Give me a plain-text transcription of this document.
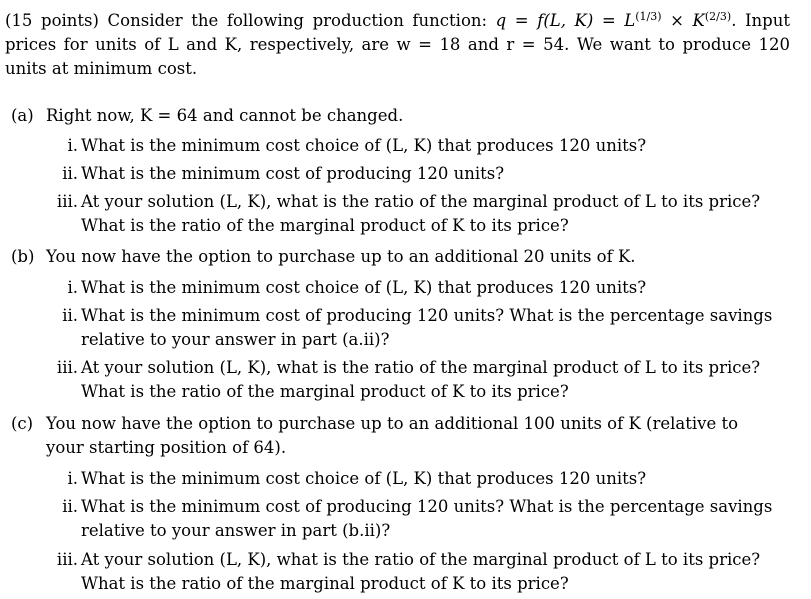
(15 points) Consider the following production function: q = f(L, $K) = L^{(1/3)} \times K^{(2/3)}$. Input prices for units of L and K, respectively, are w = 18 and r = 54. We want to produce 120 units at minimum cost.

(a) Right now, K = 64 and cannot be changed.
i. What is the minimum cost choice of (L, K) that produces 120 units?
ii. What is the minimum cost of producing 120 units?
iii. At your solution (L, K), what is the ratio of the marginal product of L to its price?
What is the ratio of the marginal product of K to its price?
(b) You now have the option to purchase up to an additional 20 units of K.
i. What is the minimum cost choice of (L, K) that produces 120 units?
ii. What is the minimum cost of producing 120 units? What is the percentage savings
relative to your answer in part (a.ii)?
iii. At your solution (L, K), what is the ratio of the marginal product of L to its price?
What is the ratio of the marginal product of K to its price?
(c) You now have the option to purchase up to an additional 100 units of K (relative to
your starting position of 64).
i. What is the minimum cost choice of (L, K) that produces 120 units?
ii. What is the minimum cost of producing 120 units? What is the percentage savings
relative to your answer in part (b.ii)?
iii. At your solution (L, K), what is the ratio of the marginal product of L to its price?
What is the ratio of the marginal product of K to its price?
